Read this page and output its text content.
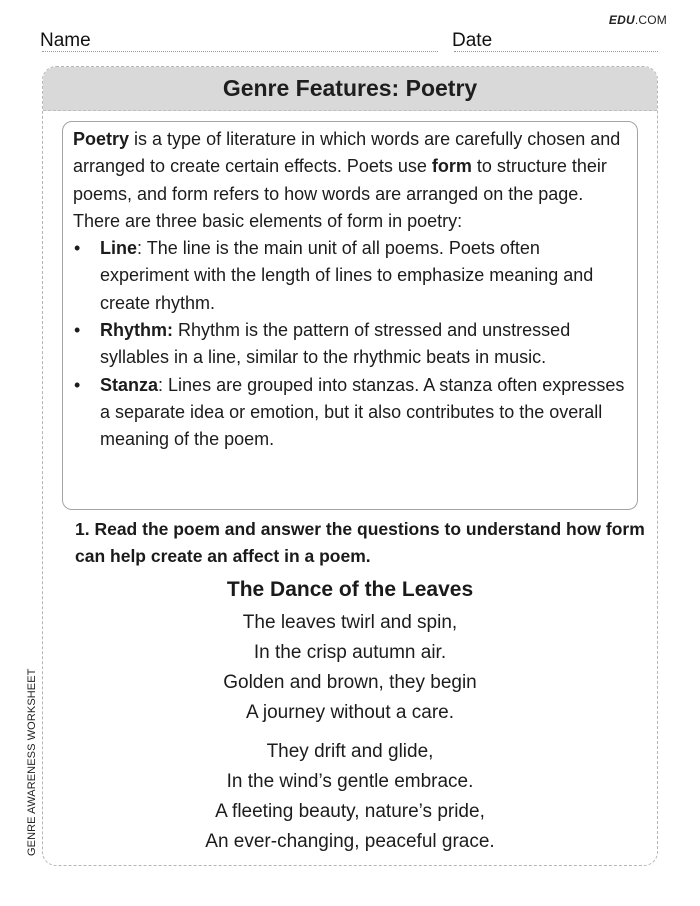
EDU.COM
Name	Date
Genre Features: Poetry

Poetry is a type of literature in which words are carefully chosen and arranged to create certain effects. Poets use form to structure their poems, and form refers to how words are arranged on the page.

There are three basic elements of form in poetry:

• Line: The line is the main unit of all poems. Poets often experiment with the length of lines to emphasize meaning and create rhythm.
• Rhythm: Rhythm is the pattern of stressed and unstressed syllables in a line, similar to the rhythmic beats in music.
• Stanza: Lines are grouped into stanzas. A stanza often expresses a separate idea or emotion, but it also contributes to the overall meaning of the poem.
1. Read the poem and answer the questions to understand how form can help create an affect in a poem.
The Dance of the Leaves
The leaves twirl and spin,
In the crisp autumn air.
Golden and brown, they begin
A journey without a care.
They drift and glide,
In the wind’s gentle embrace.
A fleeting beauty, nature’s pride,
An ever-changing, peaceful grace.
GENRE AWARENESS WORKSHEET
